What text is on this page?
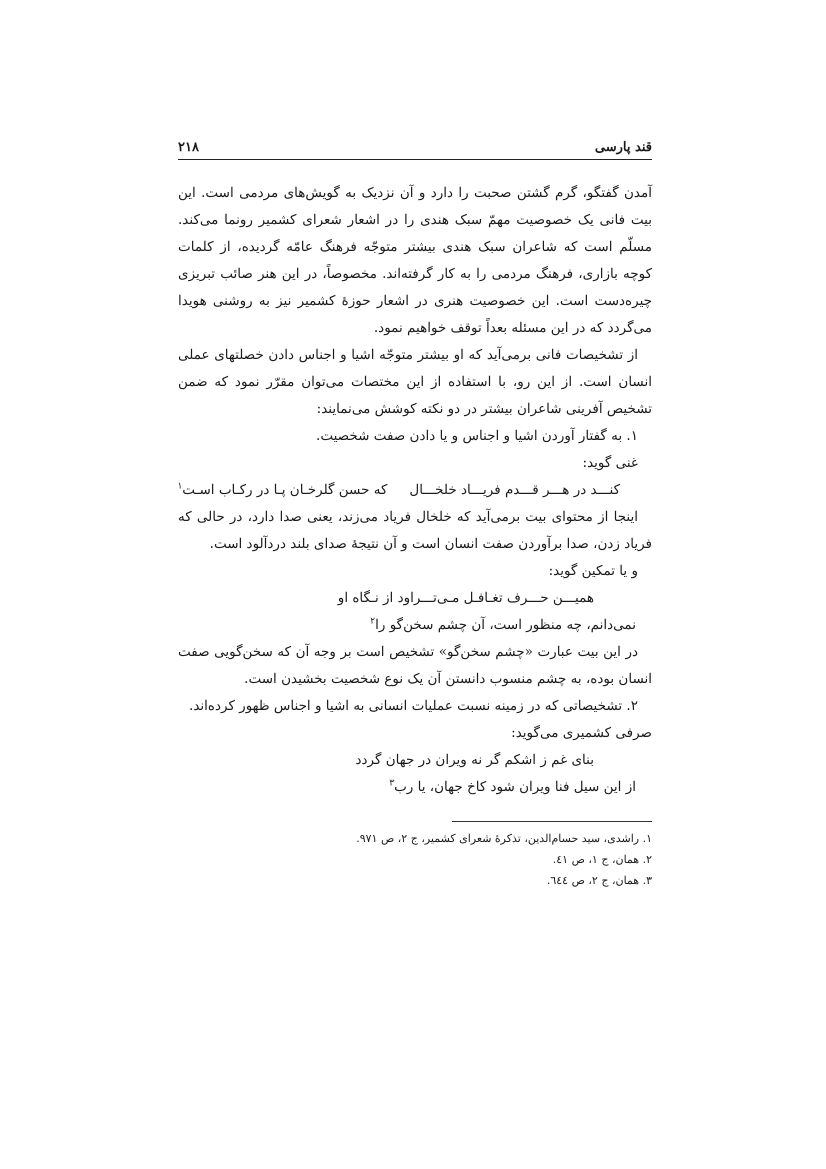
قند پارسی
۲۱۸

آمدن گفتگو، گرم گشتن صحبت را دارد و آن نزدیک به گویش‌های مردمی است. این بیت فانی یک خصوصیت مهمّ سبک هندی را در اشعار شعرای کشمیر رونما می‌کند. مسلّم است که شاعران سبک هندی بیشتر متوجّه فرهنگ عامّه گردیده، از کلمات کوچه بازاری، فرهنگ مردمی را به کار گرفته‌اند. مخصوصاً، در این هنر صائب تبریزی چیره‌دست است. این خصوصیت هنری در اشعار حوزۀ کشمیر نیز به روشنی هویدا می‌گردد که در این مسئله بعداً توقف خواهیم نمود.

از تشخیصات فانی برمی‌آید که او بیشتر متوجّه اشیا و اجناس دادن خصلتهای عملی انسان است. از این رو، با استفاده از این مختصات می‌توان مقرّر نمود که ضمن تشخیص آفرینی شاعران بیشتر در دو نکته کوشش می‌نمایند:

۱. به گفتار آوردن اشیا و اجناس و یا دادن صفت شخصیت.

غنی گوید:

کنـــد در هـــر قـــدم فریـــاد خلخـــال
که حسن گلرخـان پـا در رکـاب اسـت$^۱$

اینجا از محتوای بیت برمی‌آید که خلخال فریاد می‌زند، یعنی صدا دارد، در حالی که فریاد زدن، صدا برآوردن صفت انسان است و آن نتیجۀ صدای بلند دردآلود است.

و یا تمکین گوید:

همیـــن حـــرف تغـافـل مـی‌تـــراود از نـگاه او

نمی‌دانم، چه منظور است، آن چشم سخن‌گو را$^۲$

در این بیت عبارت «چشم سخن‌گو» تشخیص است بر وجه آن که سخن‌گویی صفت انسان بوده، به چشم منسوب دانستن آن یک نوع شخصیت بخشیدن است.

۲. تشخیصاتی که در زمینه نسبت عملیات انسانی به اشیا و اجناس ظهور کرده‌اند.

صرفی کشمیری می‌گوید:

بنای غم ز اشکم گر نه ویران در جهان گردد

از این سیل فنا ویران شود کاخ جهان، یا رب$^۳$

۱. راشدی، سید حسام‌الدین، تذکرۀ شعرای کشمیر، ج ۲، ص ۹۷۱.

۲. همان، ج ۱، ص ٤۱.

۳. همان، ج ۲، ص ٦٤٤.
